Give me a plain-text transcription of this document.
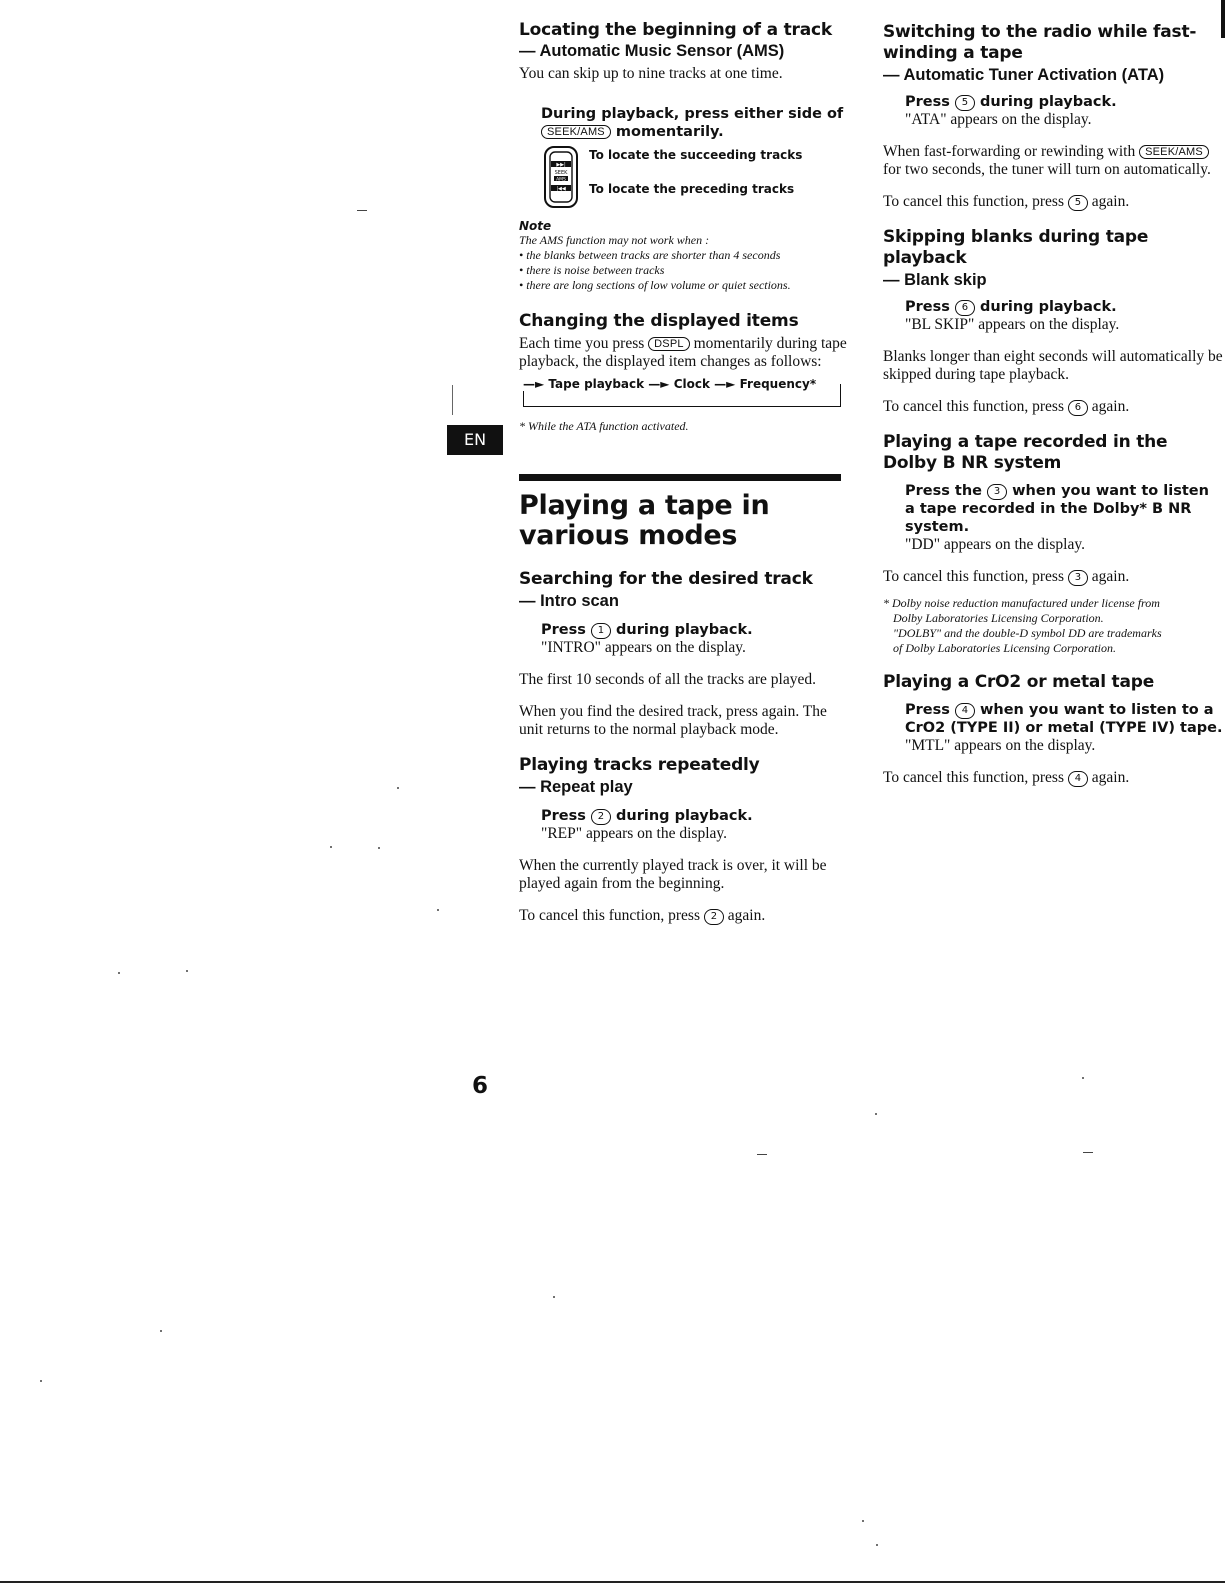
Locating the beginning of a track
— Automatic Music Sensor (AMS)

You can skip up to nine tracks at one time.

During playback, press either side of
SEEK/AMS momentarily.

▶▶|
SEEK
AMS
|◀◀
To locate the succeeding tracks
To locate the preceding tracks

Note

The AMS function may not work when :

• the blanks between tracks are shorter than 4 seconds

• there is noise between tracks

• there are long sections of low volume or quiet sections.

Changing the displayed items

Each time you press DSPL momentarily during tape playback, the displayed item changes as follows:

—► Tape playback —► Clock —► Frequency*

* While the ATA function activated.

Playing a tape in various modes
Searching for the desired track
— Intro scan

Press 1 during playback.

"INTRO" appears on the display.

The first 10 seconds of all the tracks are played.

When you find the desired track, press again. The unit returns to the normal playback mode.

Playing tracks repeatedly
— Repeat play

Press 2 during playback.

"REP" appears on the display.

When the currently played track is over, it will be played again from the beginning.

To cancel this function, press 2 again.

Switching to the radio while fast-winding a tape
— Automatic Tuner Activation (ATA)

Press 5 during playback.

"ATA" appears on the display.

When fast-forwarding or rewinding with SEEK/AMS for two seconds, the tuner will turn on automatically.

To cancel this function, press 5 again.

Skipping blanks during tape playback
— Blank skip

Press 6 during playback.

"BL SKIP" appears on the display.

Blanks longer than eight seconds will automatically be skipped during tape playback.

To cancel this function, press 6 again.

Playing a tape recorded in the Dolby B NR system

Press the 3 when you want to listen a tape recorded in the Dolby* B NR system.

"DD" appears on the display.

To cancel this function, press 3 again.

* Dolby noise reduction manufactured under license from

Dolby Laboratories Licensing Corporation.

"DOLBY" and the double-D symbol DD are trademarks

of Dolby Laboratories Licensing Corporation.

Playing a CrO2 or metal tape

Press 4 when you want to listen to a CrO2 (TYPE II) or metal (TYPE IV) tape.

"MTL" appears on the display.

To cancel this function, press 4 again.

EN
6
